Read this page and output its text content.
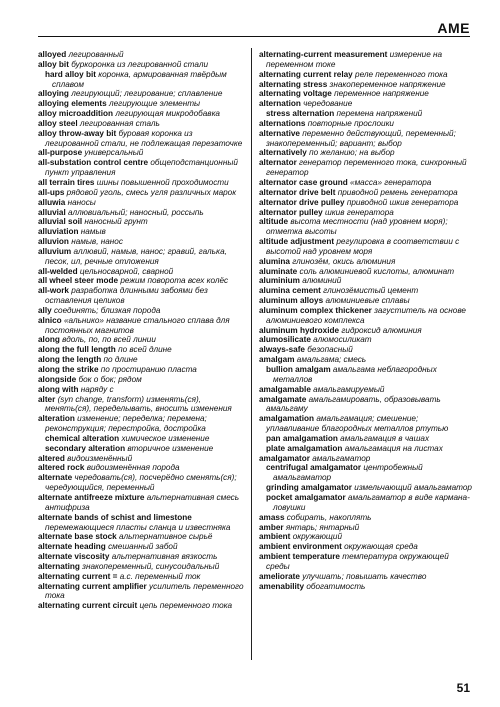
AME
alloyed легированный
alloy bit буркоронка из легированной стали
hard alloy bit коронка, армированная твёрдым сплавом
alloying легирующий; легирование; сплавление
alloying elements легирующие элементы
alloy microaddition легирующая микродобавка
alloy steel легированная сталь
alloy throw-away bit буровая коронка из легированной стали, не подлежащая перезаточке
all-purpose универсальный
all-substation control centre общеподстанционный пункт управления
all terrain tires шины повышенной проходимости
all-ups рядовой уголь, смесь угля различных марок
alluwia наносы
alluvial аллювиальный; наносный, россыпь
alluvial soil наносный грунт
alluviation намыв
alluvion намыв, нанос
alluvium аллювий, намыв, нанос; гравий, гальκа, песок, ил, речные отложения
all-welded цельносварной, сварной
all wheel steer mode режим поворота всех колёс
all-work разработка длинными забоями без оставления целиков
ally соединять; близкая порода
alnico «альнико» название стального сплава для постоянных магнитов
along вдоль, по, по всей линии
along the full length по всей длине
along the length по длине
along the strike по простиранию пласта
alongside бок о бок; рядом
along with наряду с
alter (syn change, transform) изменять(ся), менять(ся), переделывать, вносить изменения
alteration изменение; переделка; перемена; реконструкция; перестройка, достройка
chemical alteration химическое изменение
secondary alteration вторичное изменение
altered видоизменённый
altered rock видоизменённая порода
alternate чередовать(ся), посчерёдно сменять(ся); чередующийся, переменный
alternate antifreeze mixture альтернативная смесь антифриза
alternate bands of schist and limestone перемежающиеся пласты сланца и известняка
alternate base stock альтернативное сырьё
alternate heading смешанный забой
alternate viscosity альтернативная вязкость
alternating знакопеременный, синусоидальный
alternating current = a.c. переменный ток
alternating current amplifier усилитель переменного тока
alternating current circuit цепь переменного тока
alternating-current measurement измерение на переменном токе
alternating current relay реле переменного тока
alternating stress знакопеременное напряжение
alternating voltage переменное напряжение
alternation чередование
stress alternation перемена напряжений
alternations повторные прослоики
alternative переменно действующий, переменный; знакопеременный; вариант; выбор
alternatively по желанию; на выбор
alternator генератор переменного тока, синхронный генератор
alternator case ground «масса» генератора
alternator drive belt приводной ремень генератора
alternator drive pulley приводной шкив генератора
alternator pulley шкив генератора
altitude высота местности (над уровнем моря); отметка высоты
altitude adjustment регулировка в соответствии с высотой над уровнем моря
alumina глинозём, окись алюминия
aluminate соль алюминиевой кислоты, алюминат
aluminium алюминий
alumina cement глинозёмистый цемент
aluminum alloys алюминиевые сплавы
aluminum complex thickener загуститель на основе алюминиевого комплекса
aluminum hydroxide гидроксид алюминия
alumosilicate алюмосиликат
always-safe безопасный
amalgam амальгама; смесь
bullion amalgam амальгама неблагородных металлов
amalgamable амальгамируемый
amalgamate амальгамировать, образовывать амальгаму
amalgamation амальгамация; смешение; уплавливание благородных металлов ртутью
pan amalgamation амальгамация в чашах
plate amalgamation амальгамация на листах
amalgamator амальгаматор
centrifugal amalgamator центробежный амальгаматор
grinding amalgamator измельчающий амальгаматор
pocket amalgamator амальгаматор в виде кармана-ловушки
amass собирать, накоплять
amber янтарь; янтарный
ambient окружающий
ambient environment окружающая среда
ambient temperature температура окружающей среды
ameliorate улучшать; повышать качество
amenability обогатимость
51
